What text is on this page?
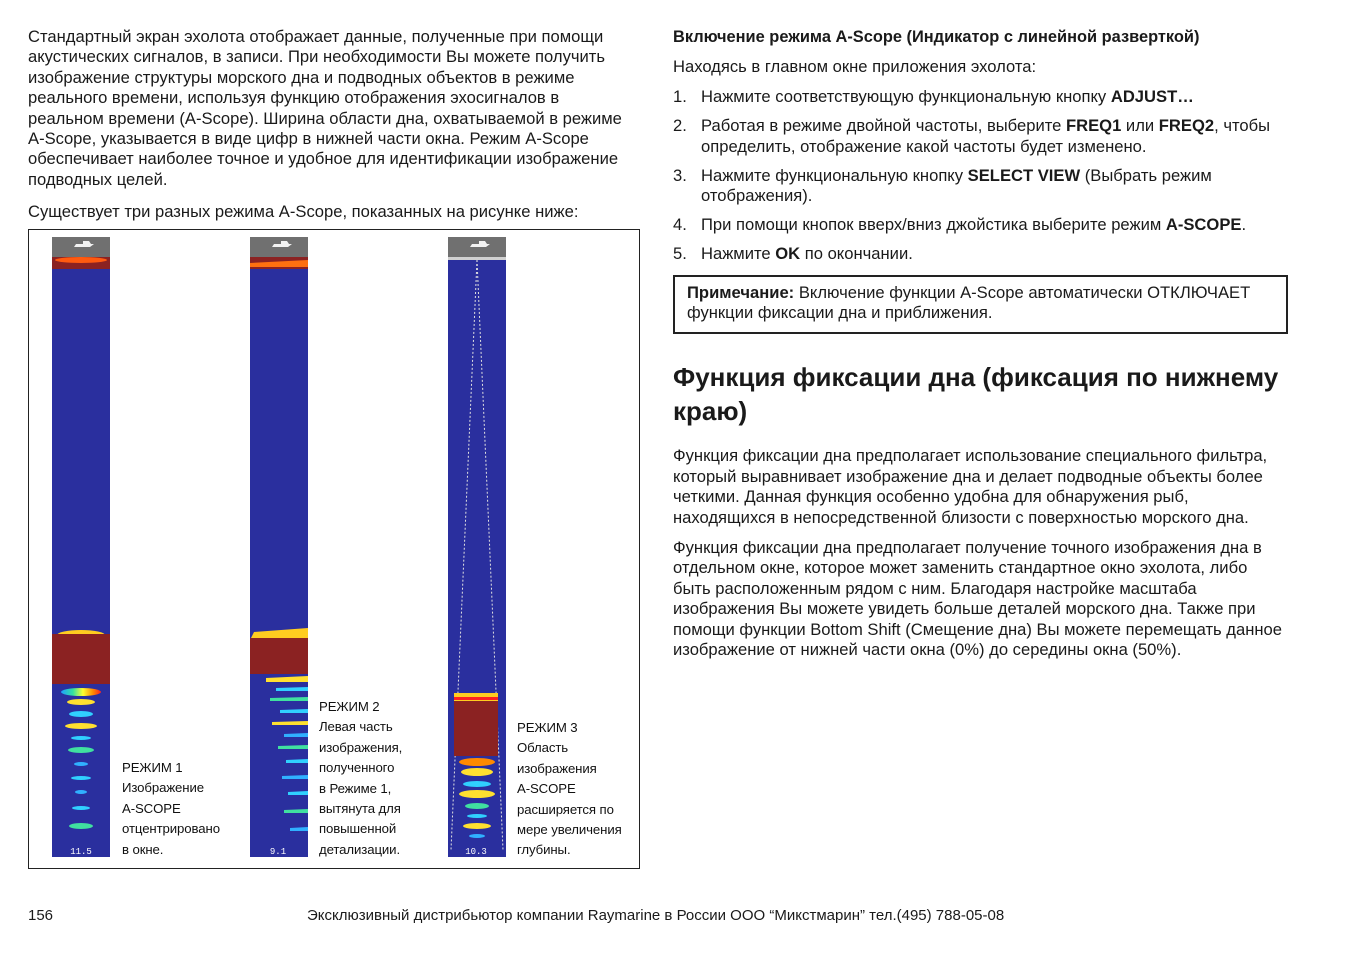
Стандартный экран эхолота отображает данные, полученные при помощи акустических сигналов, в записи. При необходимости Вы можете получить изображение структуры морского дна и подводных объектов в режиме реального времени, используя функцию отображения эхосигналов в реальном времени (A-Scope). Ширина области дна, охватываемой в режиме A-Scope, указывается в виде цифр в нижней части окна. Режим A-Scope обеспечивает наиболее точное и удобное для идентификации изображение подводных целей.

Существует три разных режима A-Scope, показанных на рисунке ниже:

11.5	9.1	10.3
РЕЖИМ 1
Изображение
A-SCOPE
отцентрировано
в окне.
РЕЖИМ 2
Левая часть
изображения,
полученного
в Режиме 1,
вытянута для
повышенной
детализации.
РЕЖИМ 3
Область
изображения
A-SCOPE
расширяется по
мере увеличения
глубины.
Включение режима A-Scope (Индикатор с линейной разверткой)

Находясь в главном окне приложения эхолота:

1. Нажмите соответствующую функциональную кнопку ADJUST…
2. Работая в режиме двойной частоты, выберите FREQ1 или FREQ2, чтобы определить, отображение какой частоты будет изменено.
3. Нажмите функциональную кнопку SELECT VIEW (Выбрать режим отображения).
4. При помощи кнопок вверх/вниз джойстика выберите режим A-SCOPE.
5. Нажмите OK по окончании.
Примечание: Включение функции A-Scope автоматически ОТКЛЮЧАЕТ функции фиксации дна и приближения.
Функция фиксации дна (фиксация по нижнему краю)

Функция фиксации дна предполагает использование специального фильтра, который выравнивает изображение дна и делает подводные объекты более четкими. Данная функция особенно удобна для обнаружения рыб, находящихся в непосредственной близости с поверхностью морского дна.

Функция фиксации дна предполагает получение точного изображения дна в отдельном окне, которое может заменить стандартное окно эхолота, либо быть расположенным рядом с ним. Благодаря настройке масштаба изображения Вы можете увидеть больше деталей морского дна. Также при помощи функции Bottom Shift (Смещение дна) Вы можете перемещать данное изображение от нижней части окна (0%) до середины окна (50%).

156	Эксклюзивный дистрибьютор компании Raymarine в России ООО “Микстмарин” тел.(495) 788-05-08
